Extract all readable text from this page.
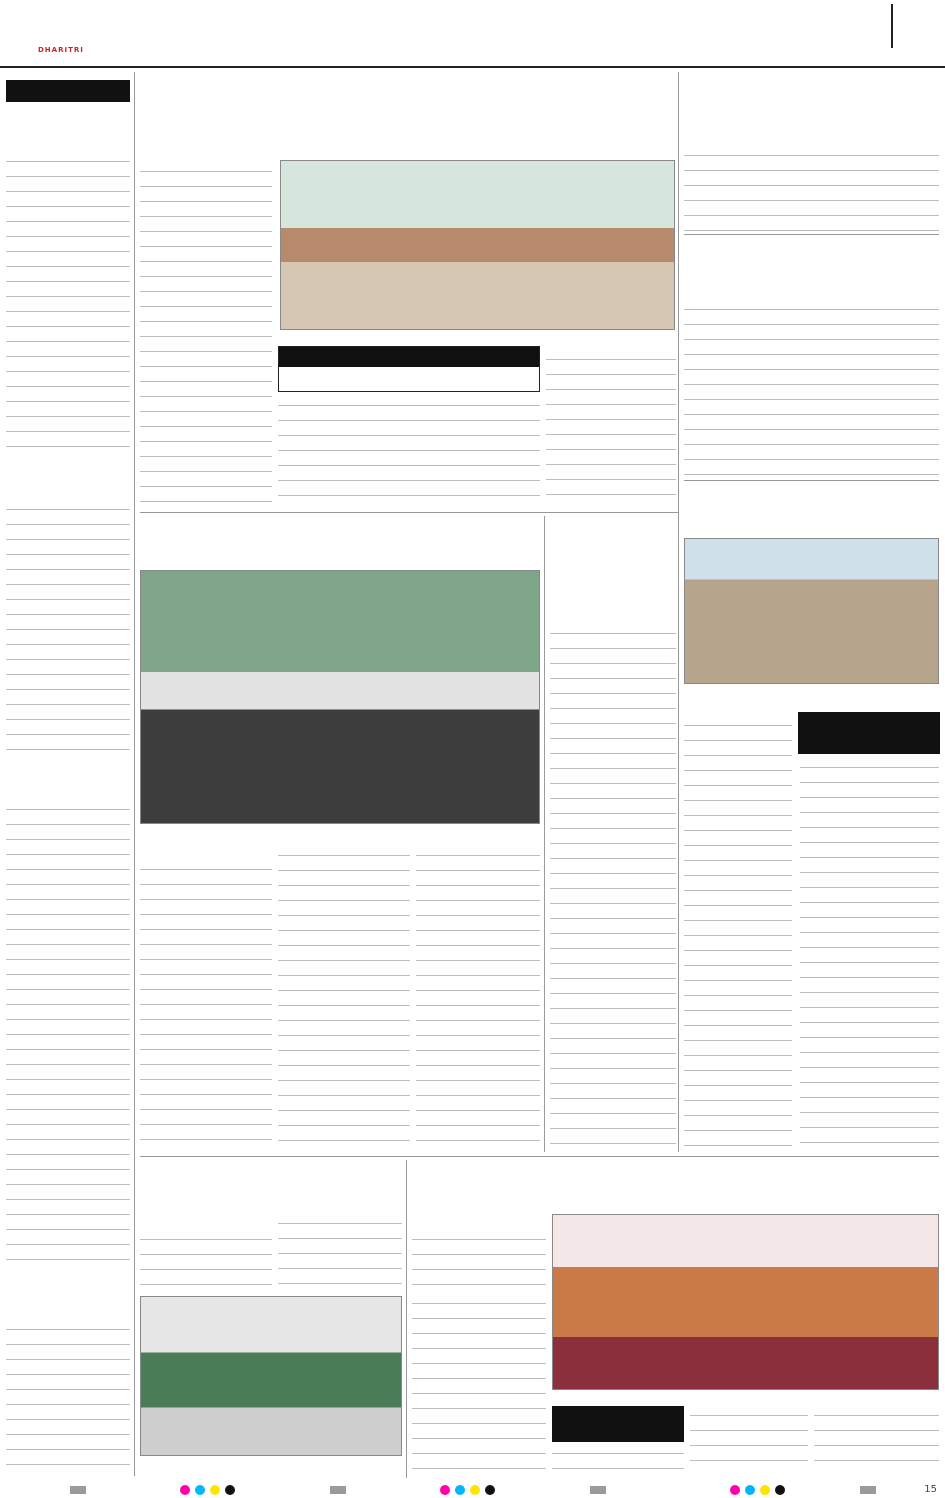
DHARITRI
15
